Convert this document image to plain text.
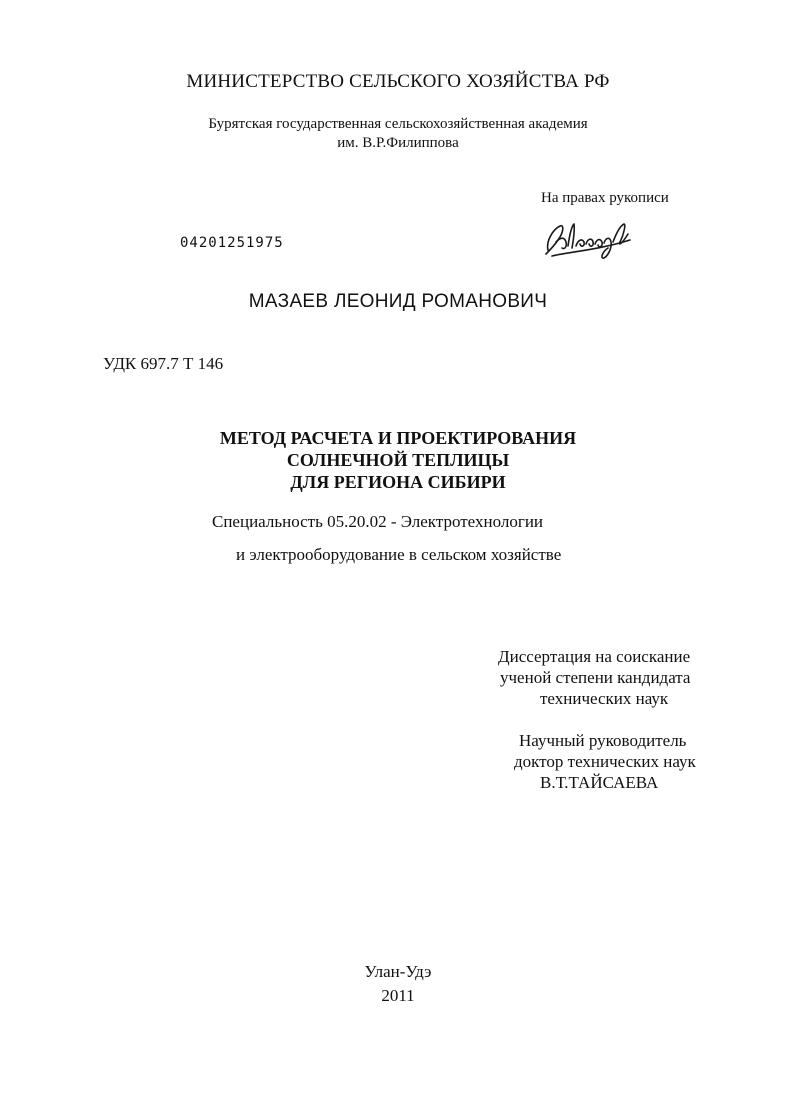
МИНИСТЕРСТВО СЕЛЬСКОГО ХОЗЯЙСТВА РФ
Бурятская государственная сельскохозяйственная академия
им. В.Р.Филиппова
На правах рукописи
04201251975
МАЗАЕВ ЛЕОНИД РОМАНОВИЧ
УДК 697.7 Т 146
МЕТОД РАСЧЕТА И ПРОЕКТИРОВАНИЯ
СОЛНЕЧНОЙ ТЕПЛИЦЫ
ДЛЯ РЕГИОНА СИБИРИ
Специальность 05.20.02 - Электротехнологии
и электрооборудование в сельском хозяйстве
Диссертация на соискание
ученой степени кандидата
технических наук
Научный руководитель
доктор технических наук
В.Т.ТАЙСАЕВА
Улан-Удэ
2011
